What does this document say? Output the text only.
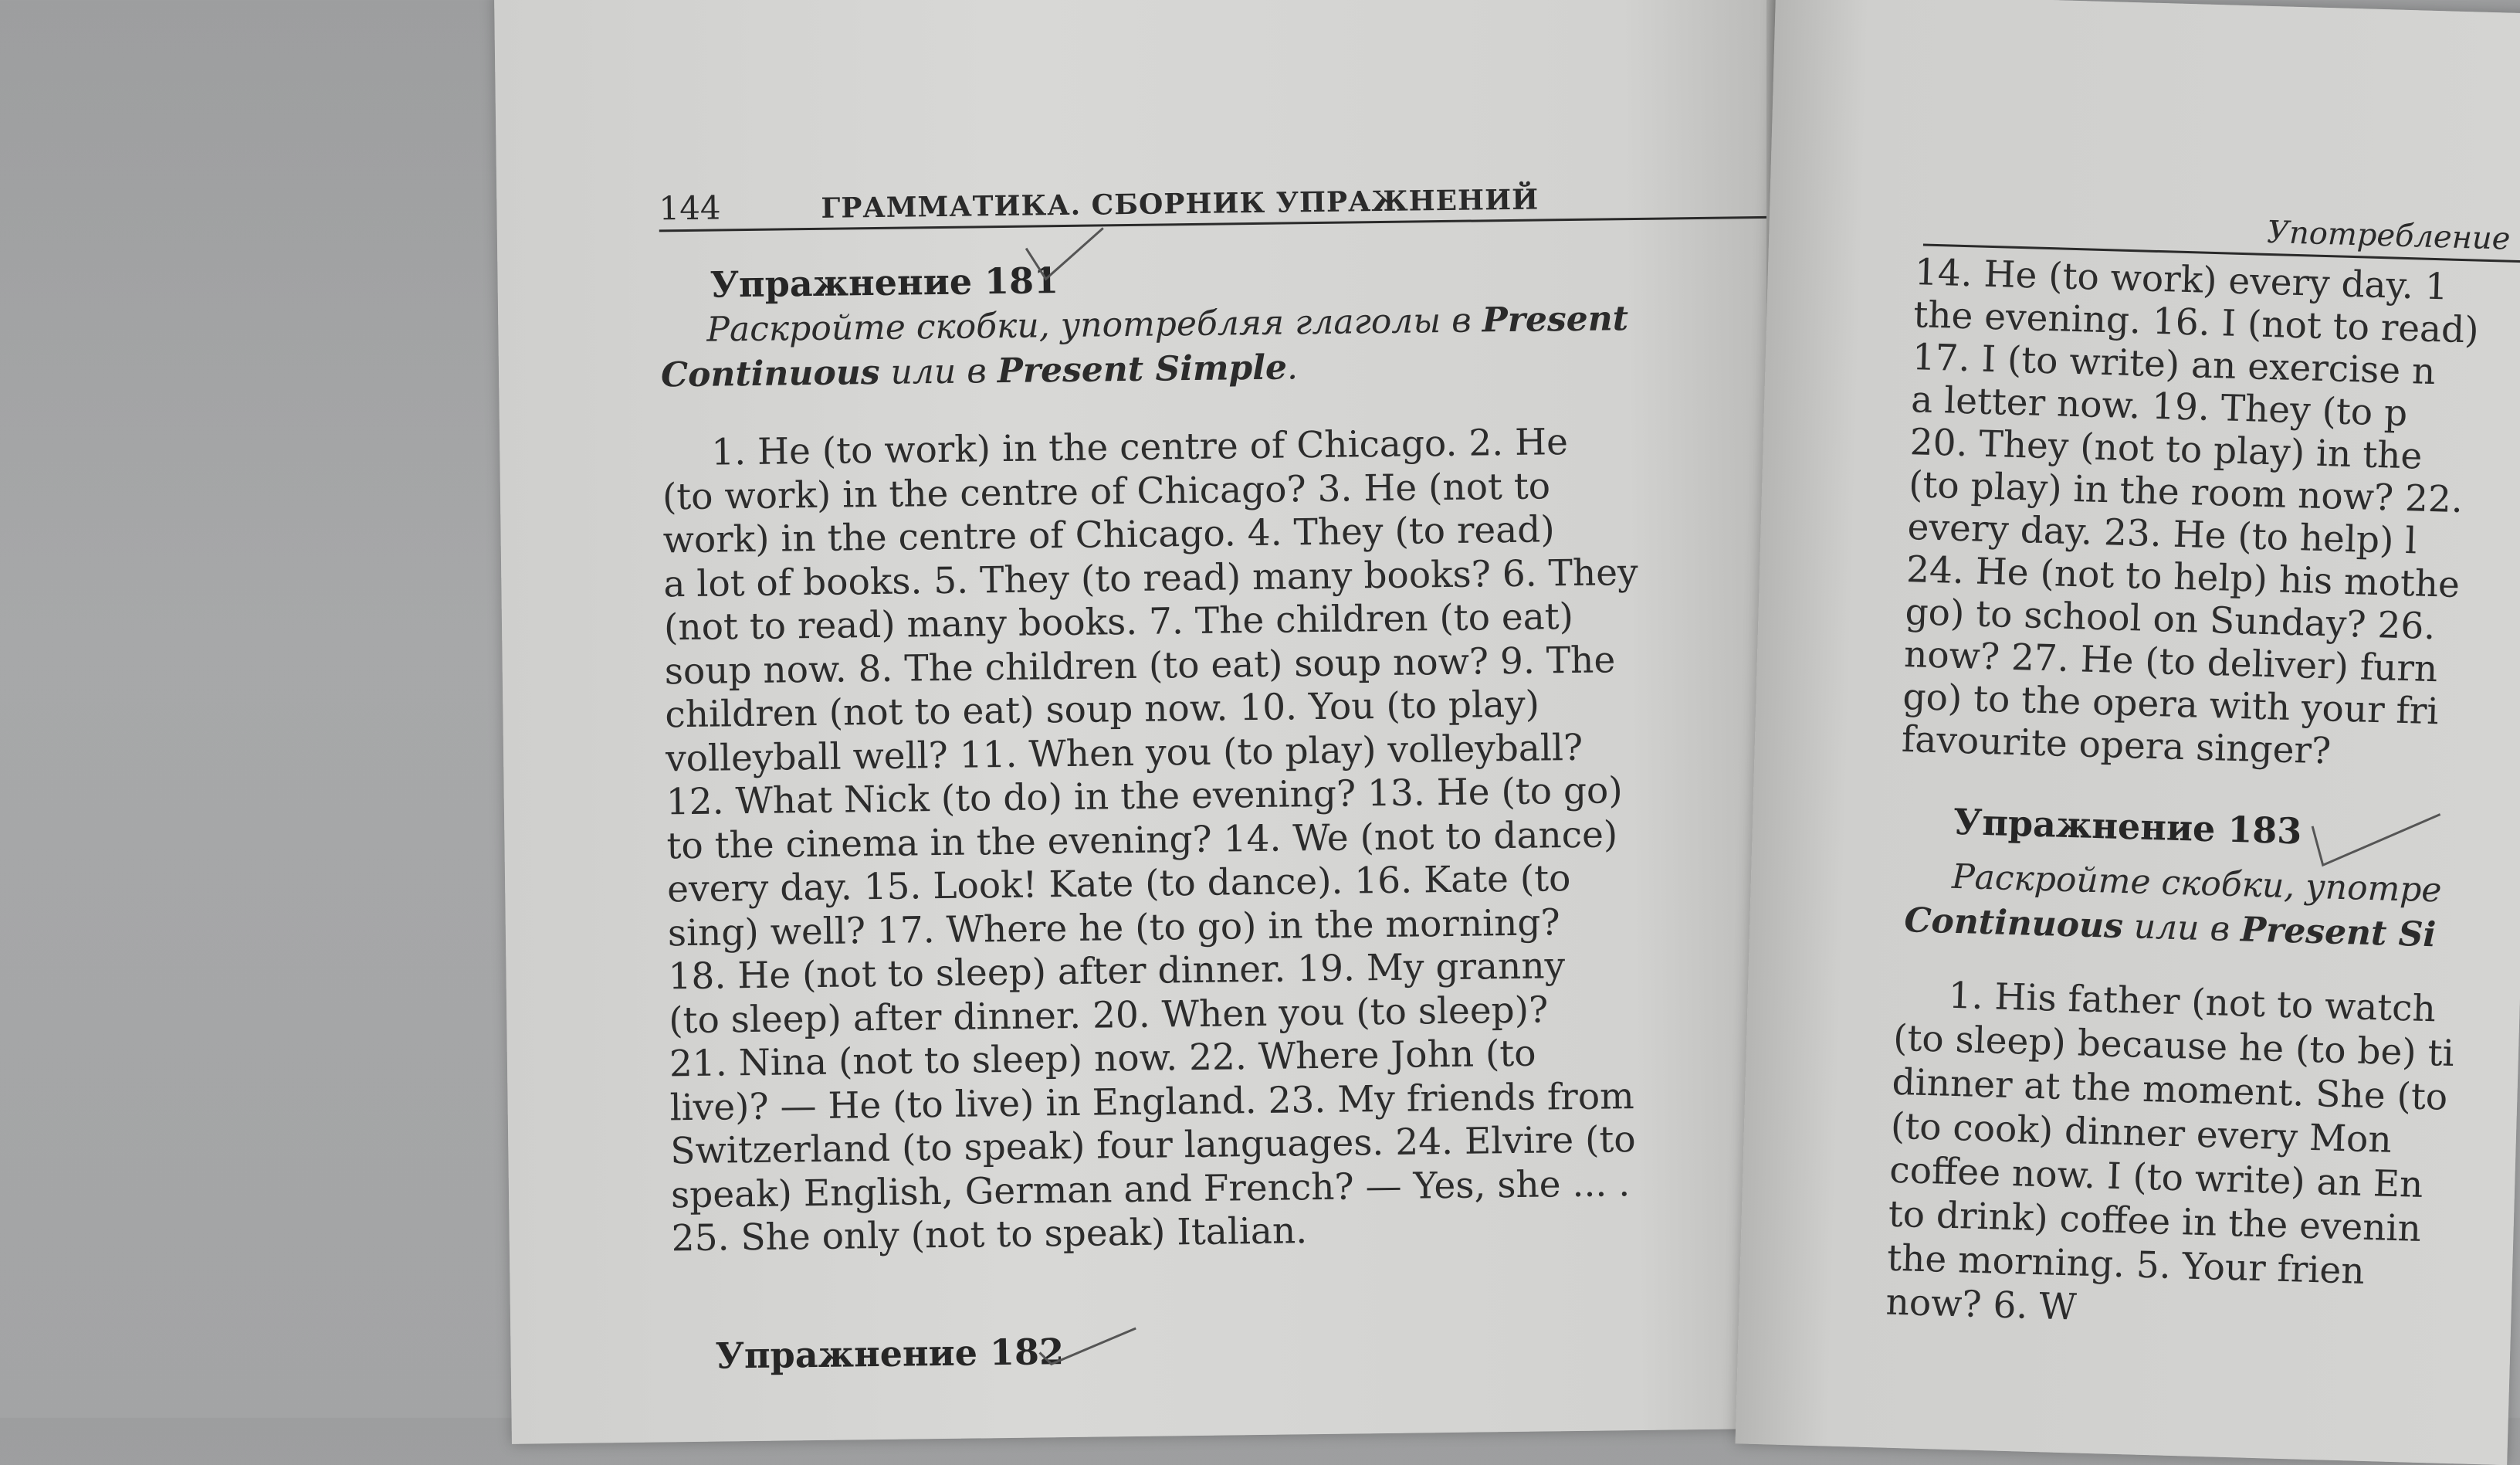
144	ГРАММАТИКА. СБОРНИК УПРАЖНЕНИЙ
Упражнение 181
Раскройте скобки, употребляя глаголы в Present Continuous или в Present Simple.

1. He (to work) in the centre of Chicago. 2. He

(to work) in the centre of Chicago? 3. He (not to

work) in the centre of Chicago. 4. They (to read)

a lot of books. 5. They (to read) many books? 6. They

(not to read) many books. 7. The children (to eat)

soup now. 8. The children (to eat) soup now? 9. The

children (not to eat) soup now. 10. You (to play)

volleyball well? 11. When you (to play) volleyball?

12. What Nick (to do) in the evening? 13. He (to go)

to the cinema in the evening? 14. We (not to dance)

every day. 15. Look! Kate (to dance). 16. Kate (to

sing) well? 17. Where he (to go) in the morning?

18. He (not to sleep) after dinner. 19. My granny

(to sleep) after dinner. 20. When you (to sleep)?

21. Nina (not to sleep) now. 22. Where John (to

live)? — He (to live) in England. 23. My friends from

Switzerland (to speak) four languages. 24. Elvire (to

speak) English, German and French? — Yes, she ... .

25. She only (not to speak) Italian.

Упражнение 182
Употребление
14. He (to work) every day. 1
the evening. 16. I (not to read)
17. I (to write) an exercise n
a letter now. 19. They (to p
20. They (not to play) in the
(to play) in the room now? 22.
every day. 23. He (to help) l
24. He (not to help) his mothe
go) to school on Sunday? 26.
now? 27. He (to deliver) furn
go) to the opera with your fri
favourite opera singer?
Упражнение 183
Раскройте скобки, употре
Continuous или в Present Si
1. His father (not to watch
(to sleep) because he (to be) ti
dinner at the moment. She (to
(to cook) dinner every Mon
coffee now. I (to write) an En
to drink) coffee in the evenin
the morning. 5. Your frien
now? 6. W
